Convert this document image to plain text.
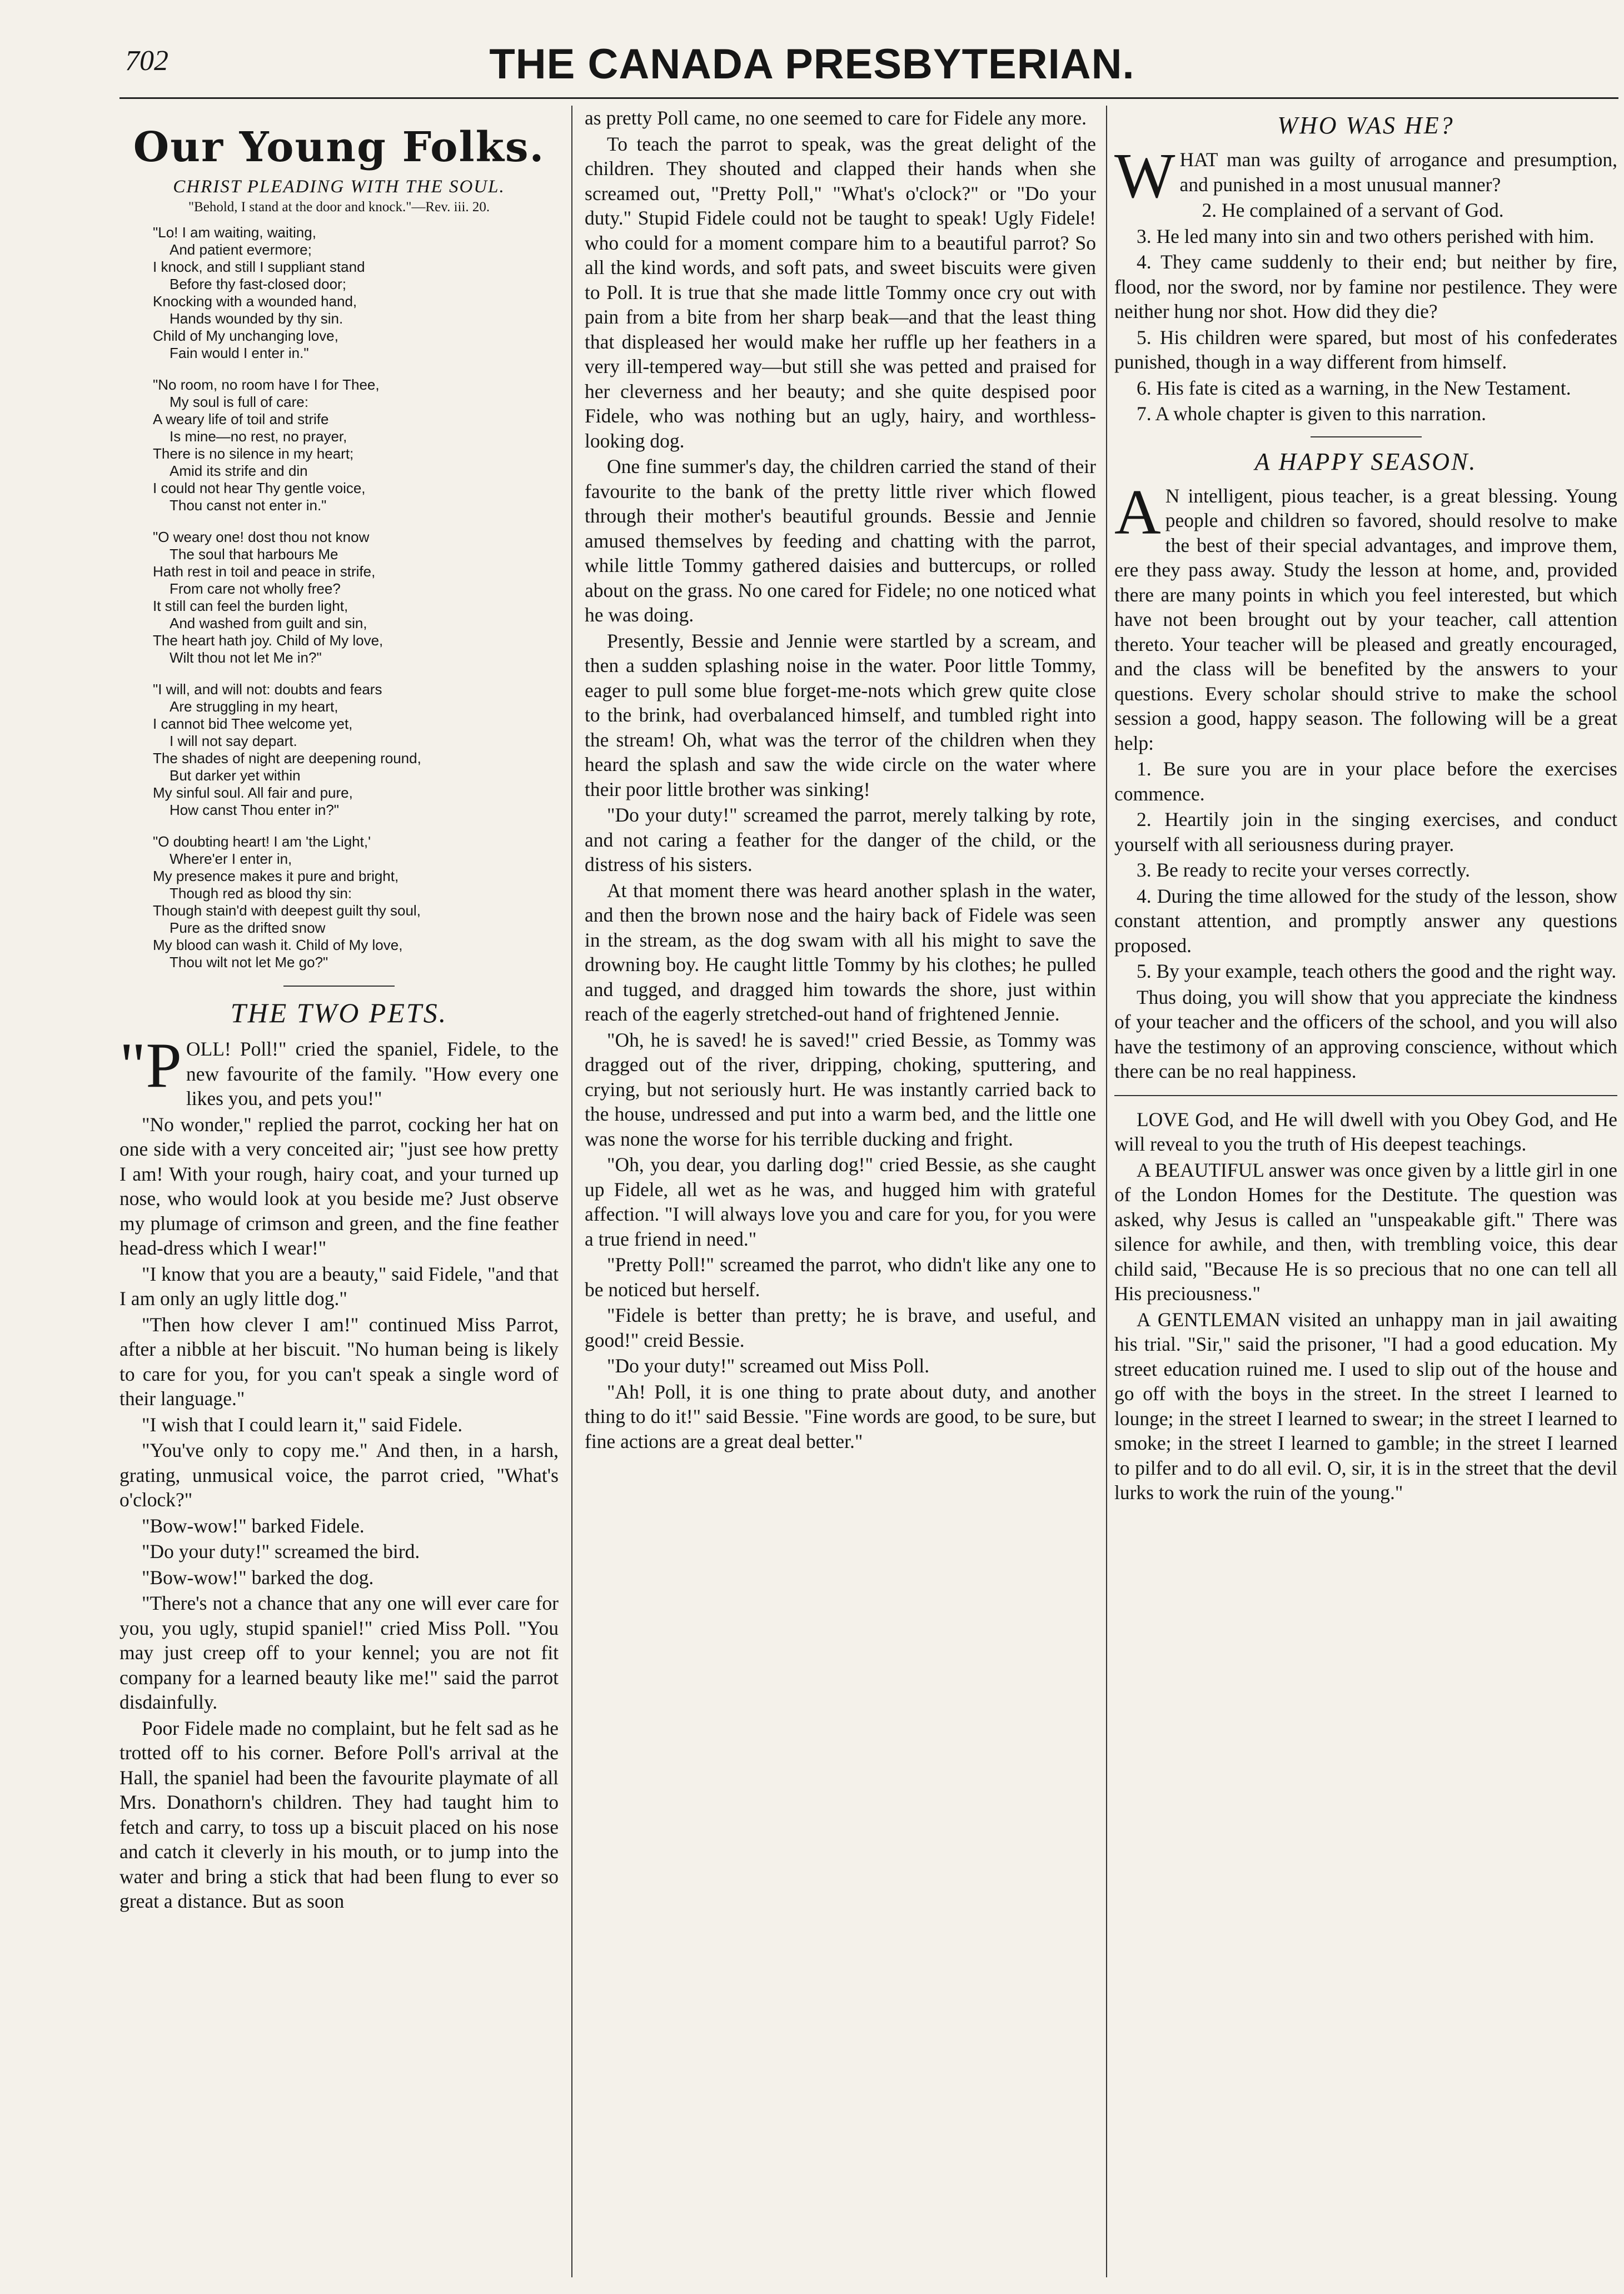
702	THE CANADA PRESBYTERIAN.
Our Young Folks.
CHRIST PLEADING WITH THE SOUL.
"Behold, I stand at the door and knock."—Rev. iii. 20.
"Lo! I am waiting, waiting,
And patient evermore;
I knock, and still I suppliant stand
Before thy fast-closed door;
Knocking with a wounded hand,
Hands wounded by thy sin.
Child of My unchanging love,
Fain would I enter in."
"No room, no room have I for Thee,
My soul is full of care:
A weary life of toil and strife
Is mine—no rest, no prayer,
There is no silence in my heart;
Amid its strife and din
I could not hear Thy gentle voice,
Thou canst not enter in."
"O weary one! dost thou not know
The soul that harbours Me
Hath rest in toil and peace in strife,
From care not wholly free?
It still can feel the burden light,
And washed from guilt and sin,
The heart hath joy. Child of My love,
Wilt thou not let Me in?"
"I will, and will not: doubts and fears
Are struggling in my heart,
I cannot bid Thee welcome yet,
I will not say depart.
The shades of night are deepening round,
But darker yet within
My sinful soul. All fair and pure,
How canst Thou enter in?"
"O doubting heart! I am 'the Light,'
Where'er I enter in,
My presence makes it pure and bright,
Though red as blood thy sin:
Though stain'd with deepest guilt thy soul,
Pure as the drifted snow
My blood can wash it. Child of My love,
Thou wilt not let Me go?"
THE TWO PETS.

"POLL! Poll!" cried the spaniel, Fidele, to the new favourite of the family. "How every one likes you, and pets you!"

"No wonder," replied the parrot, cocking her hat on one side with a very conceited air; "just see how pretty I am! With your rough, hairy coat, and your turned up nose, who would look at you beside me? Just observe my plumage of crimson and green, and the fine feather head-dress which I wear!"

"I know that you are a beauty," said Fidele, "and that I am only an ugly little dog."

"Then how clever I am!" continued Miss Parrot, after a nibble at her biscuit. "No human being is likely to care for you, for you can't speak a single word of their language."

"I wish that I could learn it," said Fidele.

"You've only to copy me." And then, in a harsh, grating, unmusical voice, the parrot cried, "What's o'clock?"

"Bow-wow!" barked Fidele.

"Do your duty!" screamed the bird.

"Bow-wow!" barked the dog.

"There's not a chance that any one will ever care for you, you ugly, stupid spaniel!" cried Miss Poll. "You may just creep off to your kennel; you are not fit company for a learned beauty like me!" said the parrot disdainfully.

Poor Fidele made no complaint, but he felt sad as he trotted off to his corner. Before Poll's arrival at the Hall, the spaniel had been the favourite playmate of all Mrs. Donathorn's children. They had taught him to fetch and carry, to toss up a biscuit placed on his nose and catch it cleverly in his mouth, or to jump into the water and bring a stick that had been flung to ever so great a distance. But as soon

as pretty Poll came, no one seemed to care for Fidele any more.

To teach the parrot to speak, was the great delight of the children. They shouted and clapped their hands when she screamed out, "Pretty Poll," "What's o'clock?" or "Do your duty." Stupid Fidele could not be taught to speak! Ugly Fidele! who could for a moment compare him to a beautiful parrot? So all the kind words, and soft pats, and sweet biscuits were given to Poll. It is true that she made little Tommy once cry out with pain from a bite from her sharp beak—and that the least thing that displeased her would make her ruffle up her feathers in a very ill-tempered way—but still she was petted and praised for her cleverness and her beauty; and she quite despised poor Fidele, who was nothing but an ugly, hairy, and worthless-looking dog.

One fine summer's day, the children carried the stand of their favourite to the bank of the pretty little river which flowed through their mother's beautiful grounds. Bessie and Jennie amused themselves by feeding and chatting with the parrot, while little Tommy gathered daisies and buttercups, or rolled about on the grass. No one cared for Fidele; no one noticed what he was doing.

Presently, Bessie and Jennie were startled by a scream, and then a sudden splashing noise in the water. Poor little Tommy, eager to pull some blue forget-me-nots which grew quite close to the brink, had overbalanced himself, and tumbled right into the stream! Oh, what was the terror of the children when they heard the splash and saw the wide circle on the water where their poor little brother was sinking!

"Do your duty!" screamed the parrot, merely talking by rote, and not caring a feather for the danger of the child, or the distress of his sisters.

At that moment there was heard another splash in the water, and then the brown nose and the hairy back of Fidele was seen in the stream, as the dog swam with all his might to save the drowning boy. He caught little Tommy by his clothes; he pulled and tugged, and dragged him towards the shore, just within reach of the eagerly stretched-out hand of frightened Jennie.

"Oh, he is saved! he is saved!" cried Bessie, as Tommy was dragged out of the river, dripping, choking, sputtering, and crying, but not seriously hurt. He was instantly carried back to the house, undressed and put into a warm bed, and the little one was none the worse for his terrible ducking and fright.

"Oh, you dear, you darling dog!" cried Bessie, as she caught up Fidele, all wet as he was, and hugged him with grateful affection. "I will always love you and care for you, for you were a true friend in need."

"Pretty Poll!" screamed the parrot, who didn't like any one to be noticed but herself.

"Fidele is better than pretty; he is brave, and useful, and good!" creid Bessie.

"Do your duty!" screamed out Miss Poll.

"Ah! Poll, it is one thing to prate about duty, and another thing to do it!" said Bessie. "Fine words are good, to be sure, but fine actions are a great deal better."

WHO WAS HE?

WHAT man was guilty of arrogance and presumption, and punished in a most unusual manner?

2. He complained of a servant of God.

3. He led many into sin and two others perished with him.

4. They came suddenly to their end; but neither by fire, flood, nor the sword, nor by famine nor pestilence. They were neither hung nor shot. How did they die?

5. His children were spared, but most of his confederates punished, though in a way different from himself.

6. His fate is cited as a warning, in the New Testament.

7. A whole chapter is given to this narration.

A HAPPY SEASON.

A N intelligent, pious teacher, is a great blessing. Young people and children so favored, should resolve to make the best of their special advantages, and improve them, ere they pass away. Study the lesson at home, and, provided there are many points in which you feel interested, but which have not been brought out by your teacher, call attention thereto. Your teacher will be pleased and greatly encouraged, and the class will be benefited by the answers to your questions. Every scholar should strive to make the school session a good, happy season. The following will be a great help:

1. Be sure you are in your place before the exercises commence.

2. Heartily join in the singing exercises, and conduct yourself with all seriousness during prayer.

3. Be ready to recite your verses correctly.

4. During the time allowed for the study of the lesson, show constant attention, and promptly answer any questions proposed.

5. By your example, teach others the good and the right way.

Thus doing, you will show that you appreciate the kindness of your teacher and the officers of the school, and you will also have the testimony of an approving conscience, without which there can be no real happiness.

LOVE God, and He will dwell with you Obey God, and He will reveal to you the truth of His deepest teachings.

A BEAUTIFUL answer was once given by a little girl in one of the London Homes for the Destitute. The question was asked, why Jesus is called an "unspeakable gift." There was silence for awhile, and then, with trembling voice, this dear child said, "Because He is so precious that no one can tell all His preciousness."

A GENTLEMAN visited an unhappy man in jail awaiting his trial. "Sir," said the prisoner, "I had a good education. My street education ruined me. I used to slip out of the house and go off with the boys in the street. In the street I learned to lounge; in the street I learned to swear; in the street I learned to smoke; in the street I learned to gamble; in the street I learned to pilfer and to do all evil. O, sir, it is in the street that the devil lurks to work the ruin of the young."
